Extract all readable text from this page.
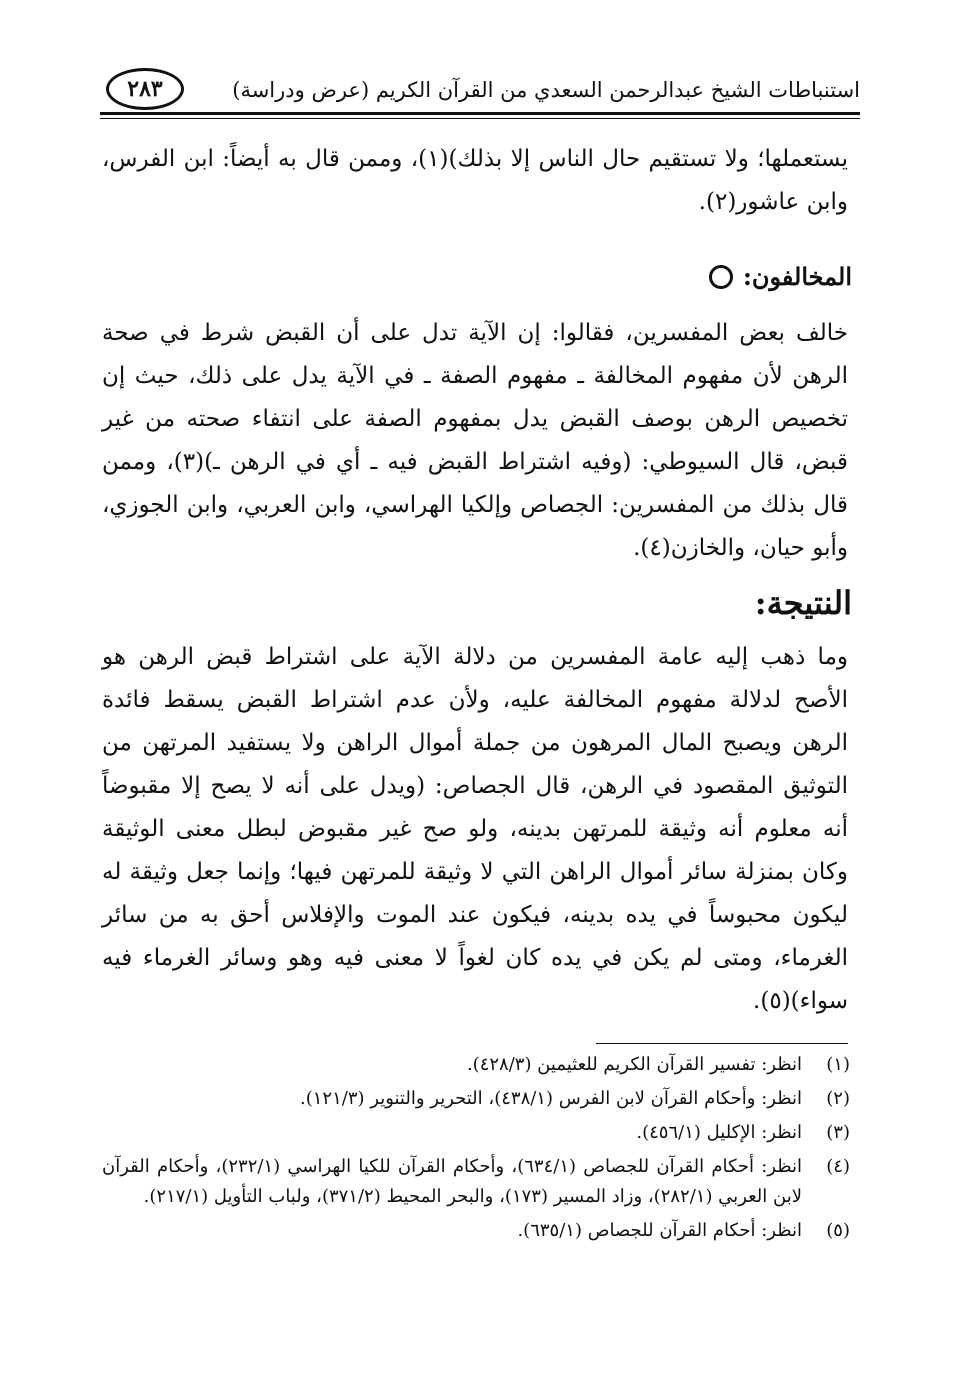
استنباطات الشيخ عبدالرحمن السعدي من القرآن الكريم (عرض ودراسة)
٢٨٣
يستعملها؛ ولا تستقيم حال الناس إلا بذلك)(١)، وممن قال به أيضاً: ابن الفرس، وابن عاشور(٢).
المخالفون:
خالف بعض المفسرين، فقالوا: إن الآية تدل على أن القبض شرط في صحة الرهن لأن مفهوم المخالفة ـ مفهوم الصفة ـ في الآية يدل على ذلك، حيث إن تخصيص الرهن بوصف القبض يدل بمفهوم الصفة على انتفاء صحته من غير قبض، قال السيوطي: (وفيه اشتراط القبض فيه ـ أي في الرهن ـ)(٣)، وممن قال بذلك من المفسرين: الجصاص وإلكيا الهراسي، وابن العربي، وابن الجوزي، وأبو حيان، والخازن(٤).
النتيجة:
وما ذهب إليه عامة المفسرين من دلالة الآية على اشتراط قبض الرهن هو الأصح لدلالة مفهوم المخالفة عليه، ولأن عدم اشتراط القبض يسقط فائدة الرهن ويصبح المال المرهون من جملة أموال الراهن ولا يستفيد المرتهن من التوثيق المقصود في الرهن، قال الجصاص: (ويدل على أنه لا يصح إلا مقبوضاً أنه معلوم أنه وثيقة للمرتهن بدينه، ولو صح غير مقبوض لبطل معنى الوثيقة وكان بمنزلة سائر أموال الراهن التي لا وثيقة للمرتهن فيها؛ وإنما جعل وثيقة له ليكون محبوساً في يده بدينه، فيكون عند الموت والإفلاس أحق به من سائر الغرماء، ومتى لم يكن في يده كان لغواً لا معنى فيه وهو وسائر الغرماء فيه سواء)(٥).
(١)
انظر: تفسير القرآن الكريم للعثيمين (٤٢٨/٣).
(٢)
انظر: وأحكام القرآن لابن الفرس (٤٣٨/١)، التحرير والتنوير (١٢١/٣).
(٣)
انظر: الإكليل (٤٥٦/١).
(٤)
انظر: أحكام القرآن للجصاص (٦٣٤/١)، وأحكام القرآن للكيا الهراسي (٢٣٢/١)، وأحكام القرآن لابن العربي (٢٨٢/١)، وزاد المسير (١٧٣)، والبحر المحيط (٣٧١/٢)، ولباب التأويل (٢١٧/١).
(٥)
انظر: أحكام القرآن للجصاص (٦٣٥/١).
